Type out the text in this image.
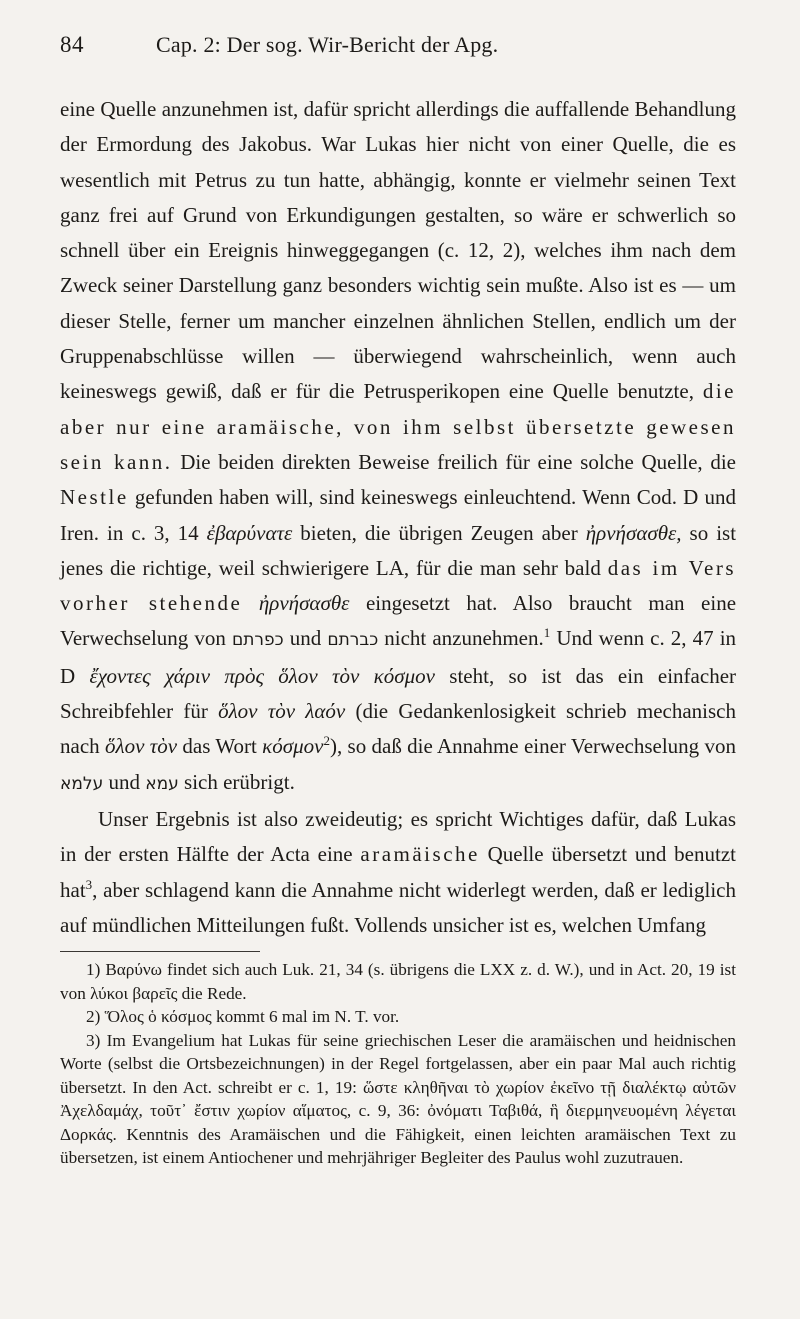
84	Cap. 2: Der sog. Wir-Bericht der Apg.

eine Quelle anzunehmen ist, dafür spricht allerdings die auffallende Behandlung der Ermordung des Jakobus. War Lukas hier nicht von einer Quelle, die es wesentlich mit Petrus zu tun hatte, abhängig, konnte er vielmehr seinen Text ganz frei auf Grund von Erkundigungen gestalten, so wäre er schwerlich so schnell über ein Ereignis hinweggegangen (c. 12, 2), welches ihm nach dem Zweck seiner Darstellung ganz besonders wichtig sein mußte. Also ist es — um dieser Stelle, ferner um mancher einzelnen ähnlichen Stellen, endlich um der Gruppenabschlüsse willen — überwiegend wahrscheinlich, wenn auch keineswegs gewiß, daß er für die Petrusperikopen eine Quelle benutzte, die aber nur eine aramäische, von ihm selbst übersetzte gewesen sein kann. Die beiden direkten Beweise freilich für eine solche Quelle, die Nestle gefunden haben will, sind keineswegs einleuchtend. Wenn Cod. D und Iren. in c. 3, 14 ἐβαρύνατε bieten, die übrigen Zeugen aber ἠρνήσασθε, so ist jenes die richtige, weil schwierigere LA, für die man sehr bald das im Vers vorher stehende ἠρνήσασθε eingesetzt hat. Also braucht man eine Verwechselung von כפרתם und כברתם nicht anzunehmen.$^1$ Und wenn c. 2, 47 in D ἔχοντες χάριν πρὸς ὅλον τὸν κόσμον steht, so ist das ein einfacher Schreibfehler für ὅλον τὸν λαόν (die Gedankenlosigkeit schrieb mechanisch nach ὅλον τὸν das Wort κόσμον$^2$), so daß die Annahme einer Verwechselung von עלמא und עמא sich erübrigt.

Unser Ergebnis ist also zweideutig; es spricht Wichtiges dafür, daß Lukas in der ersten Hälfte der Acta eine aramäische Quelle übersetzt und benutzt hat$^3$, aber schlagend kann die Annahme nicht widerlegt werden, daß er lediglich auf mündlichen Mitteilungen fußt. Vollends unsicher ist es, welchen Umfang

1) Βαρύνω findet sich auch Luk. 21, 34 (s. übrigens die LXX z. d. W.), und in Act. 20, 19 ist von λύκοι βαρεῖς die Rede.

2) Ὅλος ὁ κόσμος kommt 6 mal im N. T. vor.

3) Im Evangelium hat Lukas für seine griechischen Leser die aramäischen und heidnischen Worte (selbst die Ortsbezeichnungen) in der Regel fortgelassen, aber ein paar Mal auch richtig übersetzt. In den Act. schreibt er c. 1, 19: ὥστε κληθῆναι τὸ χωρίον ἐκεῖνο τῇ διαλέκτῳ αὐτῶν Ἀχελδαμάχ, τοῦτ᾽ ἔστιν χωρίον αἵματος, c. 9, 36: ὀνόματι Ταβιθά, ἣ διερμηνευομένη λέγεται Δορκάς. Kenntnis des Aramäischen und die Fähigkeit, einen leichten aramäischen Text zu übersetzen, ist einem Antiochener und mehrjähriger Begleiter des Paulus wohl zuzutrauen.
